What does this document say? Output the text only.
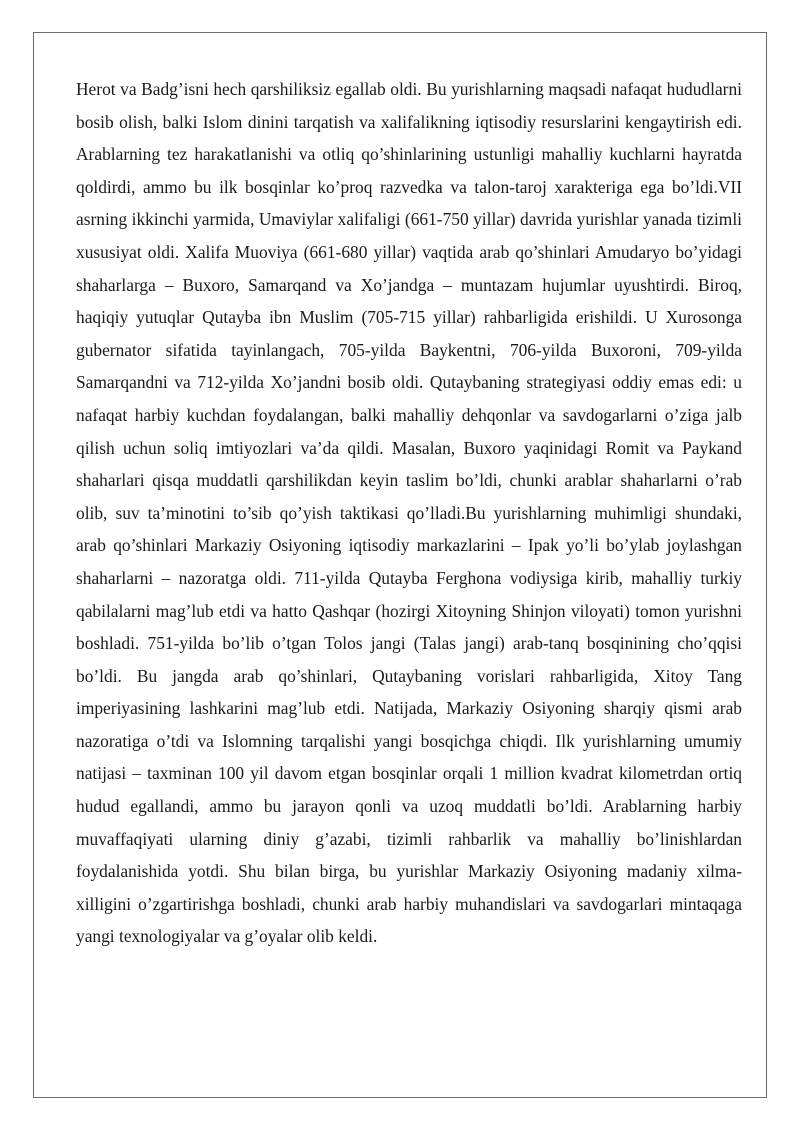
Herot va Badg’isni hech qarshiliksiz egallab oldi. Bu yurishlarning maqsadi nafaqat hududlarni bosib olish, balki Islom dinini tarqatish va xalifalikning iqtisodiy resurslarini kengaytirish edi. Arablarning tez harakatlanishi va otliq qo’shinlarining ustunligi mahalliy kuchlarni hayratda qoldirdi, ammo bu ilk bosqinlar ko’proq razvedka va talon-taroj xarakteriga ega bo’ldi.VII asrning ikkinchi yarmida, Umaviylar xalifaligi (661-750 yillar) davrida yurishlar yanada tizimli xususiyat oldi. Xalifa Muoviya (661-680 yillar) vaqtida arab qo’shinlari Amudaryo bo’yidagi shaharlarga – Buxoro, Samarqand va Xo’jandga – muntazam hujumlar uyushtirdi. Biroq, haqiqiy yutuqlar Qutayba ibn Muslim (705-715 yillar) rahbarligida erishildi. U Xurosonga gubernator sifatida tayinlangach, 705-yilda Baykentni, 706-yilda Buxoroni, 709-yilda Samarqandni va 712-yilda Xo’jandni bosib oldi. Qutaybaning strategiyasi oddiy emas edi: u nafaqat harbiy kuchdan foydalangan, balki mahalliy dehqonlar va savdogarlarni o’ziga jalb qilish uchun soliq imtiyozlari va’da qildi. Masalan, Buxoro yaqinidagi Romit va Paykand shaharlari qisqa muddatli qarshilikdan keyin taslim bo’ldi, chunki arablar shaharlarni o’rab olib, suv ta’minotini to’sib qo’yish taktikasi qo’lladi.Bu yurishlarning muhimligi shundaki, arab qo’shinlari Markaziy Osiyoning iqtisodiy markazlarini – Ipak yo’li bo’ylab joylashgan shaharlarni – nazoratga oldi. 711-yilda Qutayba Ferghona vodiysiga kirib, mahalliy turkiy qabilalarni mag’lub etdi va hatto Qashqar (hozirgi Xitoyning Shinjon viloyati) tomon yurishni boshladi. 751-yilda bo’lib o’tgan Tolos jangi (Talas jangi) arab-tanq bosqinining cho’qqisi bo’ldi. Bu jangda arab qo’shinlari, Qutaybaning vorislari rahbarligida, Xitoy Tang imperiyasining lashkarini mag’lub etdi. Natijada, Markaziy Osiyoning sharqiy qismi arab nazoratiga o’tdi va Islomning tarqalishi yangi bosqichga chiqdi. Ilk yurishlarning umumiy natijasi – taxminan 100 yil davom etgan bosqinlar orqali 1 million kvadrat kilometrdan ortiq hudud egallandi, ammo bu jarayon qonli va uzoq muddatli bo’ldi. Arablarning harbiy muvaffaqiyati ularning diniy g’azabi, tizimli rahbarlik va mahalliy bo’linishlardan foydalanishida yotdi. Shu bilan birga, bu yurishlar Markaziy Osiyoning madaniy xilma-xilligini o’zgartirishga boshladi, chunki arab harbiy muhandislari va savdogarlari mintaqaga yangi texnologiyalar va g’oyalar olib keldi.
